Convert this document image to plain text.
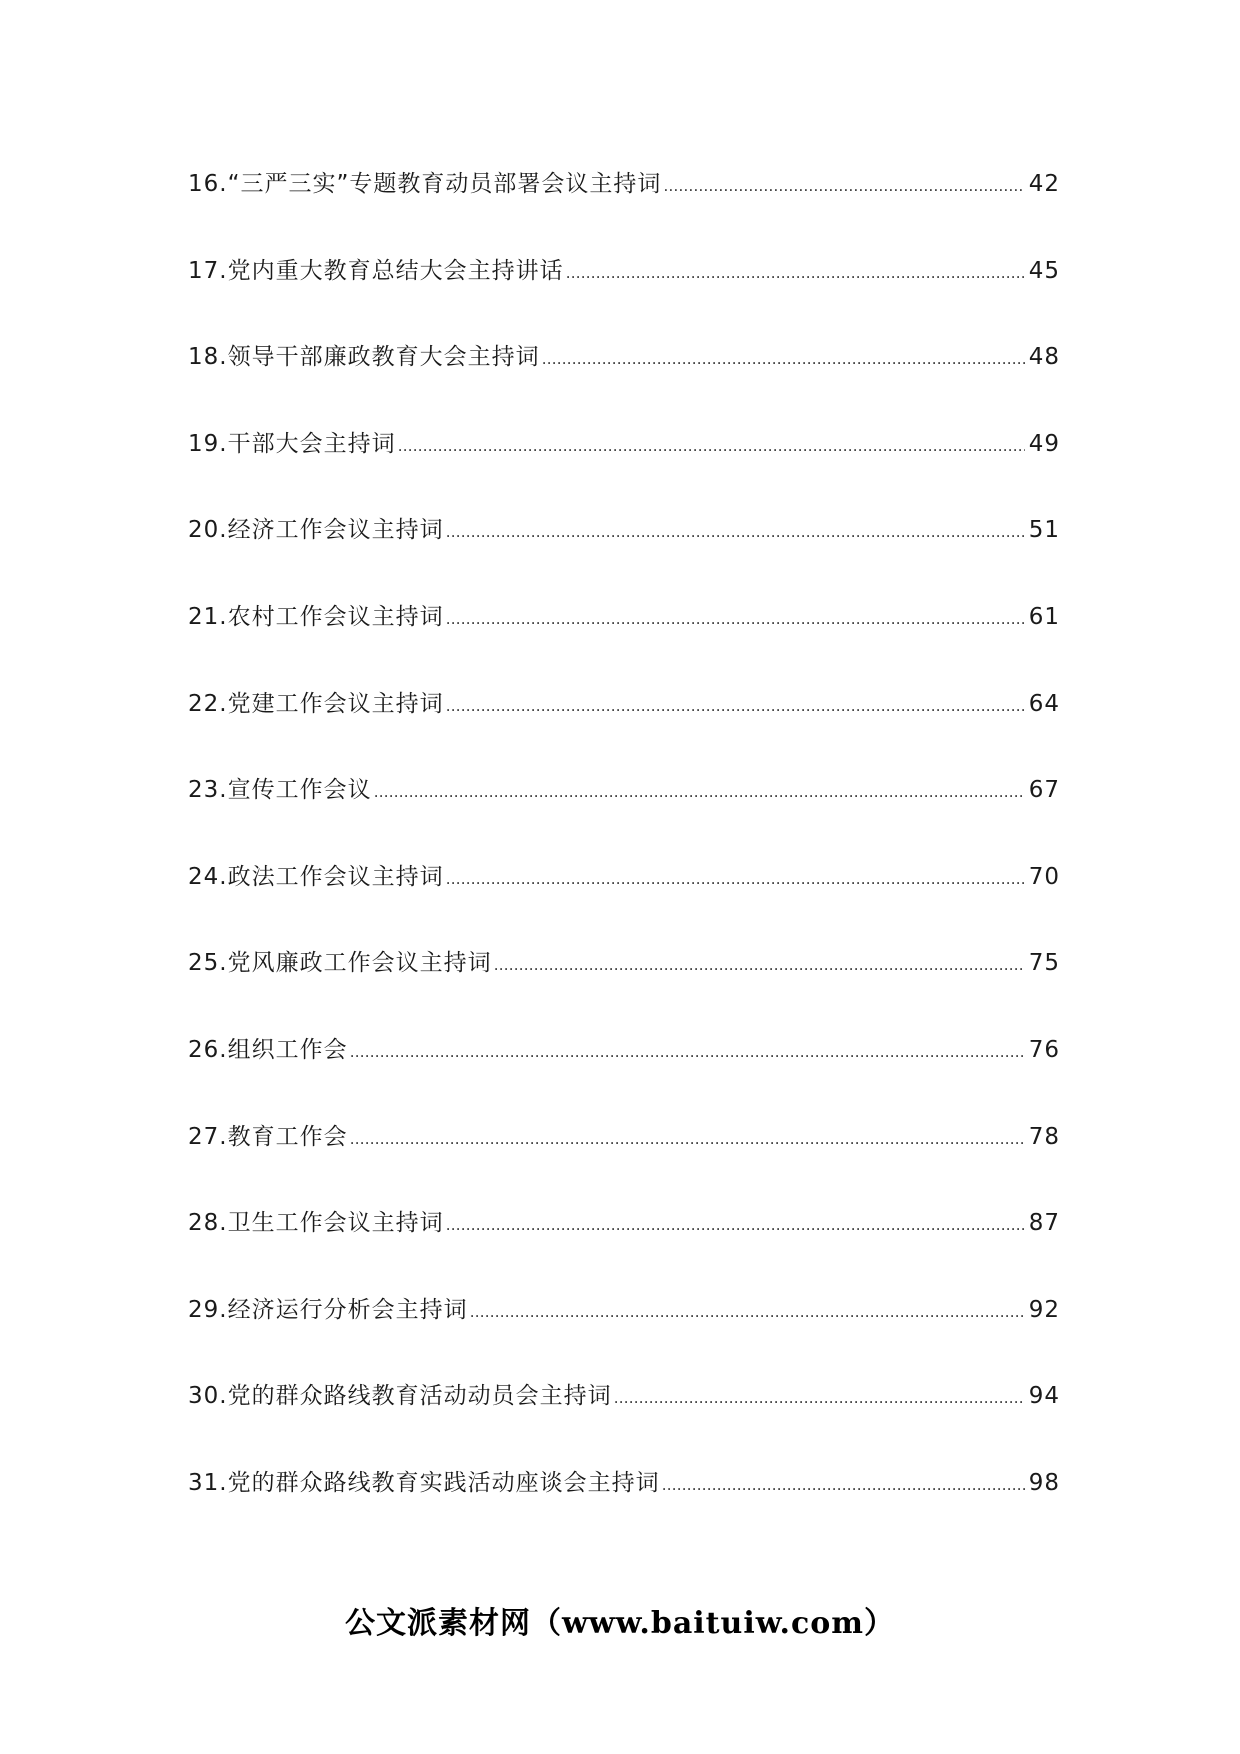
16.“三严三实”专题教育动员部署会议主持词 ……………………………………………………………………………………………………………………………………………………	42
17.党内重大教育总结大会主持讲话 ……………………………………………………………………………………………………………………………………………………	45
18.领导干部廉政教育大会主持词 ……………………………………………………………………………………………………………………………………………………	48
19.干部大会主持词 ……………………………………………………………………………………………………………………………………………………	49
20.经济工作会议主持词 ……………………………………………………………………………………………………………………………………………………	51
21.农村工作会议主持词 ……………………………………………………………………………………………………………………………………………………	61
22.党建工作会议主持词 ……………………………………………………………………………………………………………………………………………………	64
23.宣传工作会议 ……………………………………………………………………………………………………………………………………………………	67
24.政法工作会议主持词 ……………………………………………………………………………………………………………………………………………………	70
25.党风廉政工作会议主持词 ……………………………………………………………………………………………………………………………………………………	75
26.组织工作会 ……………………………………………………………………………………………………………………………………………………	76
27.教育工作会 ……………………………………………………………………………………………………………………………………………………	78
28.卫生工作会议主持词 ……………………………………………………………………………………………………………………………………………………	87
29.经济运行分析会主持词 ……………………………………………………………………………………………………………………………………………………	92
30.党的群众路线教育活动动员会主持词 ……………………………………………………………………………………………………………………………………………………	94
31.党的群众路线教育实践活动座谈会主持词 ……………………………………………………………………………………………………………………………………………………	98
公文派素材网（www.baituiw.com）
